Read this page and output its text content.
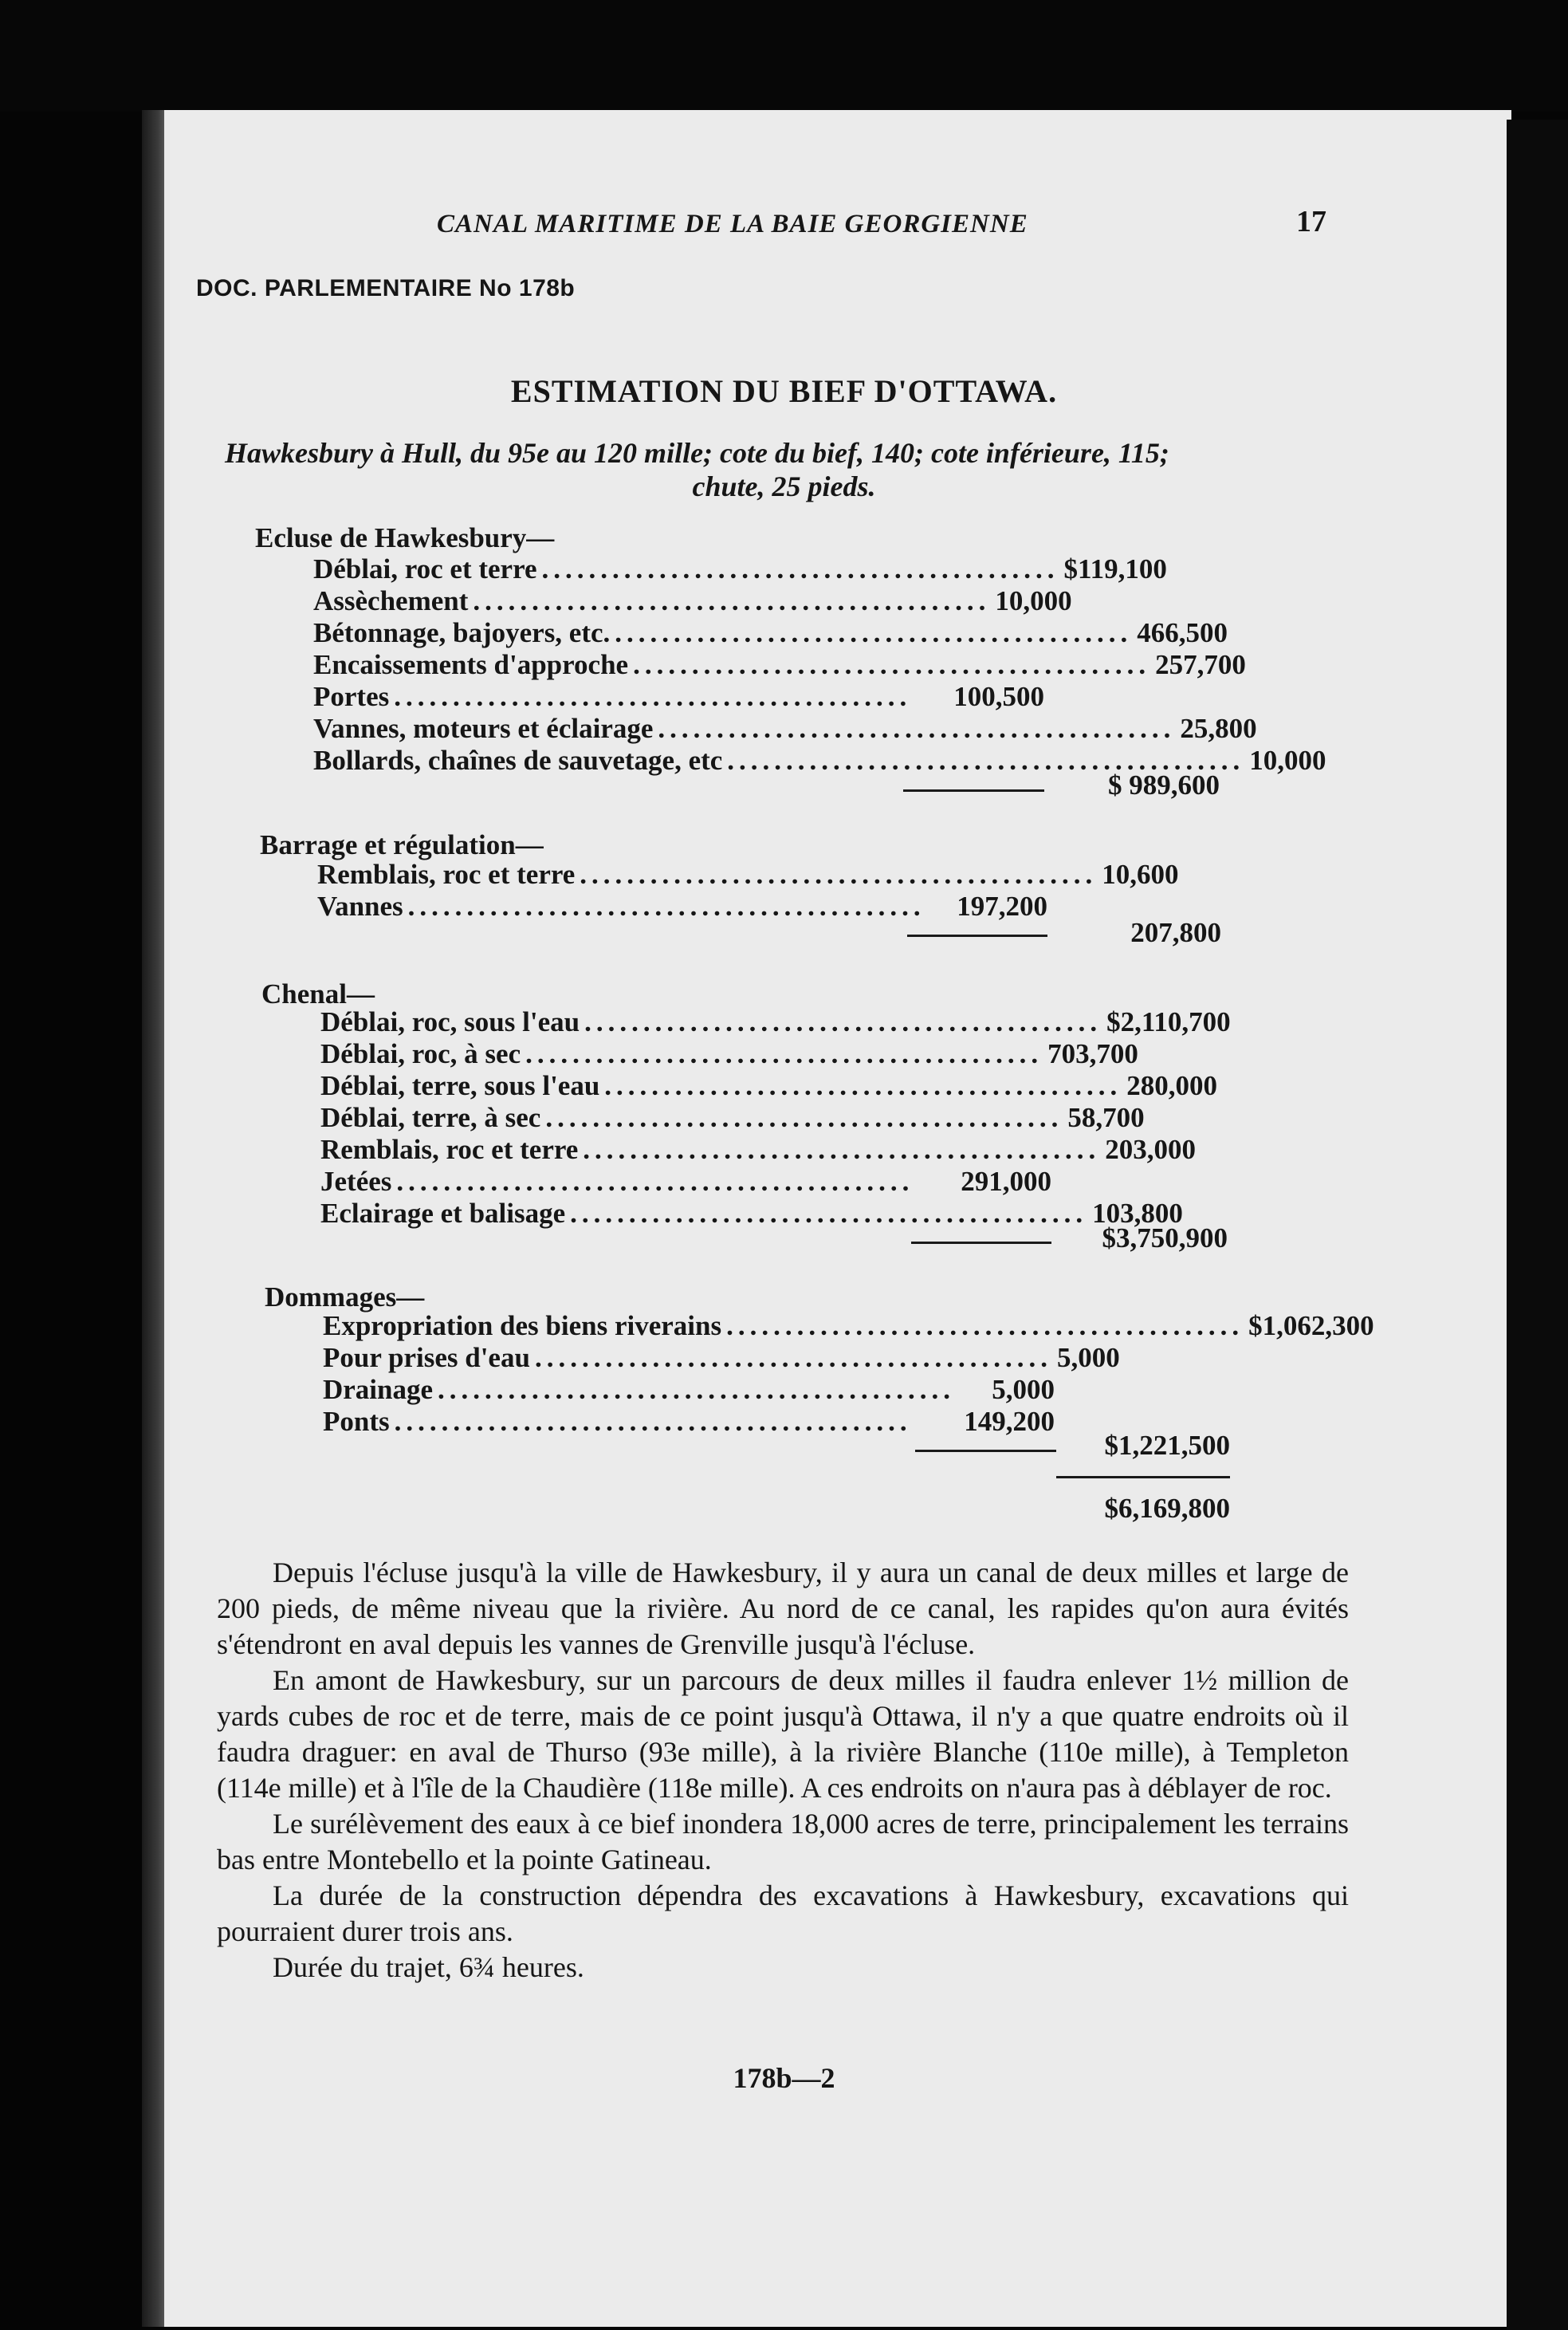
CANAL MARITIME DE LA BAIE GEORGIENNE	17
DOC. PARLEMENTAIRE No 178b
ESTIMATION DU BIEF D'OTTAWA.
Hawkesbury à Hull, du 95e au 120 mille; cote du bief, 140; cote inférieure, 115;
chute, 25 pieds.
Ecluse de Hawkesbury—
Déblai, roc et terre ............................................ $119,100
Assèchement ............................................ 10,000
Bétonnage, bajoyers, etc. ............................................ 466,500
Encaissements d'approche ............................................ 257,700
Portes ............................................	100,500
Vannes, moteurs et éclairage ............................................ 25,800
Bollards, chaînes de sauvetage, etc ............................................ 10,000
$ 989,600
Barrage et régulation—
Remblais, roc et terre ............................................ 10,600
Vannes ............................................	197,200
207,800
Chenal—
Déblai, roc, sous l'eau ............................................ $2,110,700
Déblai, roc, à sec ............................................ 703,700
Déblai, terre, sous l'eau ............................................ 280,000
Déblai, terre, à sec ............................................ 58,700
Remblais, roc et terre ............................................ 203,000
Jetées ............................................	291,000
Eclairage et balisage ............................................ 103,800
$3,750,900
Dommages—
Expropriation des biens riverains ............................................ $1,062,300
Pour prises d'eau ............................................ 5,000
Drainage ............................................	5,000
Ponts ............................................	149,200
$1,221,500
$6,169,800

Depuis l'écluse jusqu'à la ville de Hawkesbury, il y aura un canal de deux milles et large de 200 pieds, de même niveau que la rivière. Au nord de ce canal, les rapides qu'on aura évités s'étendront en aval depuis les vannes de Grenville jusqu'à l'écluse.

En amont de Hawkesbury, sur un parcours de deux milles il faudra enlever 1½ million de yards cubes de roc et de terre, mais de ce point jusqu'à Ottawa, il n'y a que quatre endroits où il faudra draguer: en aval de Thurso (93e mille), à la rivière Blanche (110e mille), à Templeton (114e mille) et à l'île de la Chaudière (118e mille). A ces endroits on n'aura pas à déblayer de roc.

Le surélèvement des eaux à ce bief inondera 18,000 acres de terre, principalement les terrains bas entre Montebello et la pointe Gatineau.

La durée de la construction dépendra des excavations à Hawkesbury, excavations qui pourraient durer trois ans.

Durée du trajet, 6¾ heures.

178b—2
